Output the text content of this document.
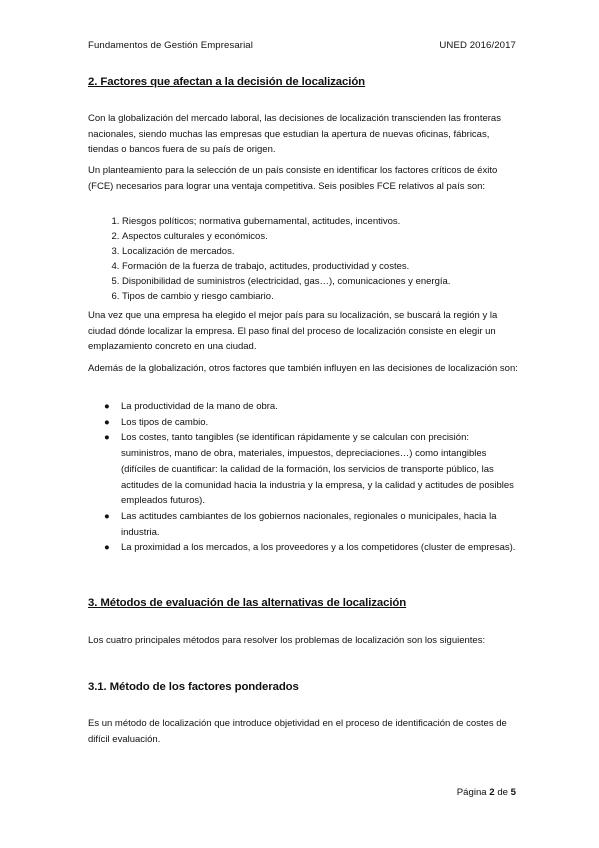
Fundamentos de Gestión Empresarial	UNED 2016/2017
2. Factores que afectan a la decisión de localización

Con la globalización del mercado laboral, las decisiones de localización transcienden las fronteras nacionales, siendo muchas las empresas que estudian la apertura de nuevas oficinas, fábricas, tiendas o bancos fuera de su país de origen.

Un planteamiento para la selección de un país consiste en identificar los factores críticos de éxito (FCE) necesarios para lograr una ventaja competitiva. Seis posibles FCE relativos al país son:

1. Riesgos políticos; normativa gubernamental, actitudes, incentivos.
2. Aspectos culturales y económicos.
3. Localización de mercados.
4. Formación de la fuerza de trabajo, actitudes, productividad y costes.
5. Disponibilidad de suministros (electricidad, gas…), comunicaciones y energía.
6. Tipos de cambio y riesgo cambiario.

Una vez que una empresa ha elegido el mejor país para su localización, se buscará la región y la ciudad dónde localizar la empresa. El paso final del proceso de localización consiste en elegir un emplazamiento concreto en una ciudad.

Además de la globalización, otros factores que también influyen en las decisiones de localización son:

● La productividad de la mano de obra.
● Los tipos de cambio.
● Los costes, tanto tangibles (se identifican rápidamente y se calculan con precisión: suministros, mano de obra, materiales, impuestos, depreciaciones…) como intangibles (difíciles de cuantificar: la calidad de la formación, los servicios de transporte público, las actitudes de la comunidad hacia la industria y la empresa, y la calidad y actitudes de posibles empleados futuros).
● Las actitudes cambiantes de los gobiernos nacionales, regionales o municipales, hacia la industria.
● La proximidad a los mercados, a los proveedores y a los competidores (cluster de empresas).
3. Métodos de evaluación de las alternativas de localización

Los cuatro principales métodos para resolver los problemas de localización son los siguientes:

3.1. Método de los factores ponderados

Es un método de localización que introduce objetividad en el proceso de identificación de costes de difícil evaluación.

Página 2 de 5
